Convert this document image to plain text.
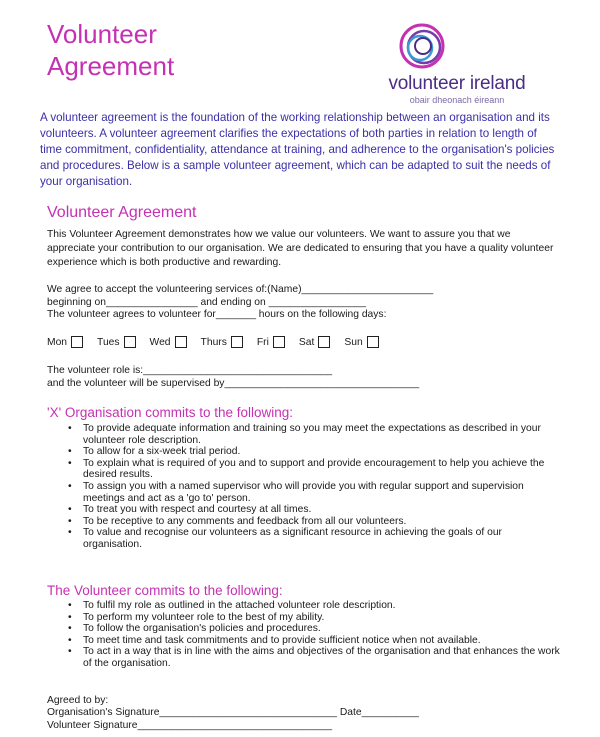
Volunteer
Agreement
volunteer ireland
obair dheonach éireann
A volunteer agreement is the foundation of the working relationship between an organisation and its volunteers. A volunteer agreement clarifies the expectations of both parties in relation to length of time commitment, confidentiality, attendance at training, and adherence to the organisation's policies and procedures. Below is a sample volunteer agreement, which can be adapted to suit the needs of your organisation.
Volunteer Agreement
This Volunteer Agreement demonstrates how we value our volunteers. We want to assure you that we appreciate your contribution to our organisation. We are dedicated to ensuring that you have a quality volunteer experience which is both productive and rewarding.
We agree to accept the volunteering services of:(Name)_______________________
beginning on________________ and ending on _________________
The volunteer agrees to volunteer for_______ hours on the following days:
Mon	Tues	Wed	Thurs	Fri	Sat	Sun
The volunteer role is:_________________________________
and the volunteer will be supervised by__________________________________
'X' Organisation commits to the following:
• To provide adequate information and training so you may meet the expectations as described in your volunteer role description.
• To allow for a six-week trial period.
• To explain what is required of you and to support and provide encouragement to help you achieve the desired results.
• To assign you with a named supervisor who will provide you with regular support and supervision meetings and act as a 'go to' person.
• To treat you with respect and courtesy at all times.
• To be receptive to any comments and feedback from all our volunteers.
• To value and recognise our volunteers as a significant resource in achieving the goals of our organisation.
The Volunteer commits to the following:
• To fulfil my role as outlined in the attached volunteer role description.
• To perform my volunteer role to the best of my ability.
• To follow the organisation's policies and procedures.
• To meet time and task commitments and to provide sufficient notice when not available.
• To act in a way that is in line with the aims and objectives of the organisation and that enhances the work of the organisation.
Agreed to by:
Organisation's Signature_______________________________ Date__________
Volunteer Signature__________________________________
